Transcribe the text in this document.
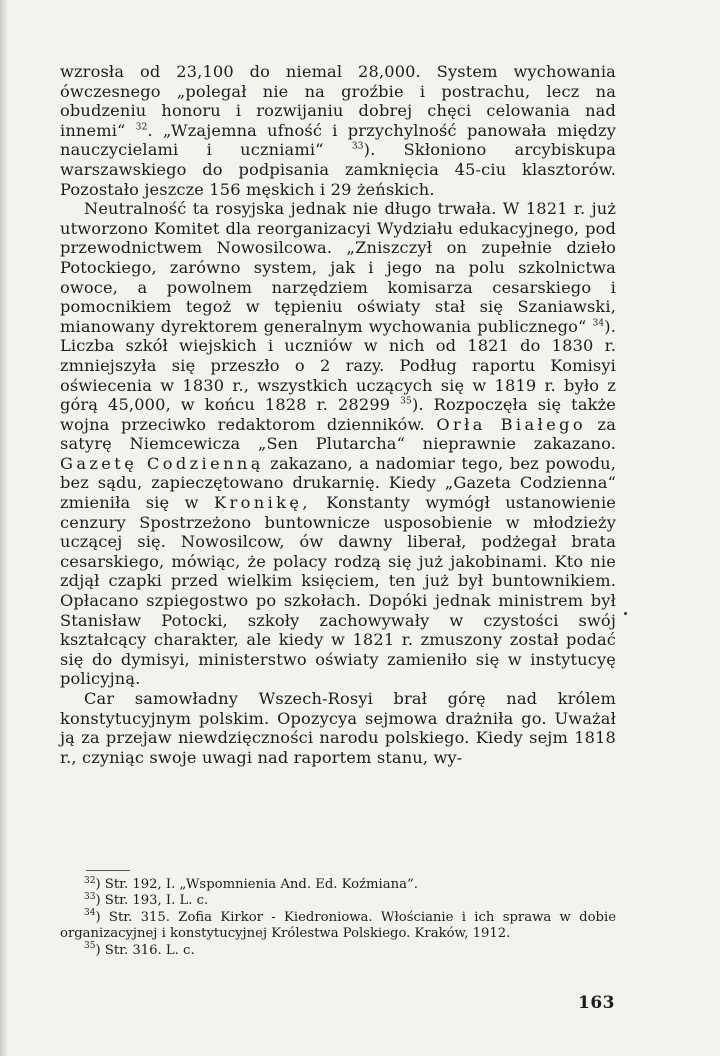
wzrosła od 23,100 do niemal 28,000. System wychowania ówczesnego „polegał nie na groźbie i postrachu, lecz na obudzeniu honoru i rozwijaniu dobrej chęci celowania nad innemi“ $^{32}$. „Wzajemna ufność i przychylność panowała między nauczycielami i uczniami“	$^{33}$). Skłoniono arcybiskupa warszawskiego do podpisania zamknięcia 45-ciu klasztorów. Pozostało jeszcze 156 męskich i 29 żeńskich.

Neutralność ta rosyjska jednak nie długo trwała. W 1821 r. już utworzono Komitet dla reorganizacyi Wydziału edukacyjnego, pod przewodnictwem Nowosilcowa. „Zniszczył on zupełnie dzieło Potockiego, zarówno system, jak i jego na polu szkolnictwa owoce, a powolnem narzędziem komisarza cesarskiego i pomocnikiem tegoż w tępieniu oświaty stał się Szaniawski, mianowany dyrektorem generalnym wychowania publicznego“ $^{34}$). Liczba szkół wiejskich i uczniów w nich od 1821 do 1830 r. zmniejszyła się przeszło o 2 razy. Podług raportu Komisyi oświecenia w 1830 r., wszystkich uczących się w 1819 r. było z górą 45,000, w końcu 1828 r. 28299 $^{35}$). Rozpoczęła się także wojna przeciwko redaktorom dzienników. Orła Białego za satyrę Niemcewicza „Sen Plutarcha“ nieprawnie zakazano. Gazetę Codzienną zakazano, a nadomiar tego, bez powodu, bez sądu, zapieczętowano drukarnię. Kiedy „Gazeta Codzienna“ zmieniła się w Kronikę, Konstanty wymógł ustanowienie cenzury Spostrzeżono buntownicze usposobienie w młodzieży uczącej się. Nowosilcow, ów dawny liberał, podżegał brata cesarskiego, mówiąc, że polacy rodzą się już jakobinami. Kto nie zdjął czapki przed wielkim księciem, ten już był buntownikiem. Opłacano szpiegostwo po szkołach. Dopóki jednak ministrem był Stanisław Potocki, szkoły zachowywały w czystości swój kształcący charakter, ale kiedy w 1821 r. zmuszony został podać się do dymisyi, ministerstwo oświaty zamieniło się w instytucyę policyjną.

Car samowładny Wszech-Rosyi brał górę nad królem konstytucyjnym polskim. Opozycya sejmowa drażniła go. Uważał ją za przejaw niewdzięczności narodu polskiego. Kiedy sejm 1818 r., czyniąc swoje uwagi nad raportem stanu, wy-

$^{32}$) Str. 192, I. „Wspomnienia And. Ed. Koźmiana“.

$^{33}$) Str. 193, I. L. c.

$^{34}$) Str. 315. Zofia Kirkor - Kiedroniowa. Włościanie i ich sprawa w dobie organizacyjnej i konstytucyjnej Królestwa Polskiego. Kraków, 1912.

$^{35}$) Str. 316. L. c.

163
